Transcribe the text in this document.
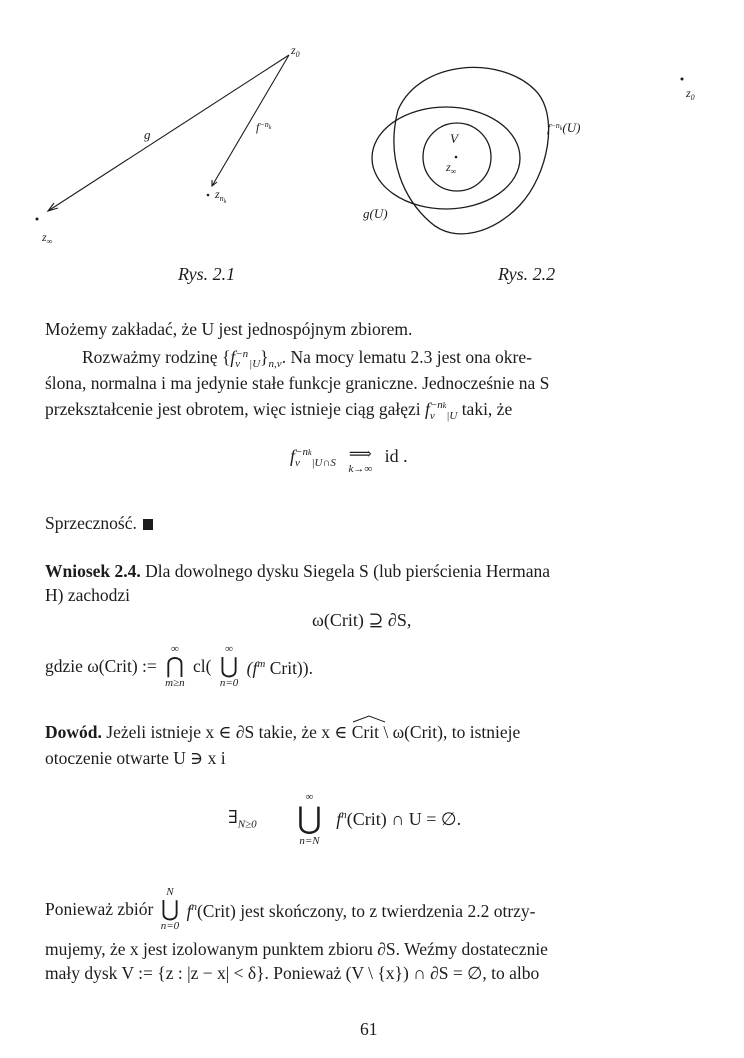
$z_0$
g	$f^{-n}k$
$z_nk$
$z_\infty$
V
$z_\infty$
g(U)
$f^{-n}k(U)$
$z_0$
Rys. 2.1	Rys. 2.2
Możemy zakładać, że U jest jednospójnym zbiorem.
Rozważmy rodzinę {f −n
ν $_{|U}\}_{n,\nu}$. Na mocy lematu 2.3 jest ona okre-
ślona, normalna i ma jedynie stałe funkcje graniczne. Jednocześnie na S
przekształcenie jest obrotem, więc istnieje ciąg gałęzi f −nk
ν	$_{|U}$ taki, że
f −nk
ν	$_{|U\cap S}$ ⟹
k→∞
id .
Sprzeczność.
Wniosek 2.4. Dla dowolnego dysku Siegela S (lub pierścienia Hermana
H) zachodzi
ω(Crit) ⊇ ∂S,
gdzie ω(Crit) :=
∞
⋂
m≥n
cl(
∞
⋃
n=0
($f^m$ Crit)).
Dowód. Jeżeli istnieje x ∈ ∂S takie, że x ∈ Crit \ ω(Crit), to istnieje
otoczenie otwarte U ∋ x i
$\exists_{N\ge 0}$
∞
⋃
n=N
$f^n(Crit)$ ∩ U = ∅.
Ponieważ zbiór
N
⋃
n=0
$f^n(Crit)$ jest skończony, to z twierdzenia 2.2 otrzy-
mujemy, że x jest izolowanym punktem zbioru ∂S. Weźmy dostatecznie
mały dysk V := {z : |z − x| < δ}. Ponieważ (V \ {x}) ∩ ∂S = ∅, to albo
61
